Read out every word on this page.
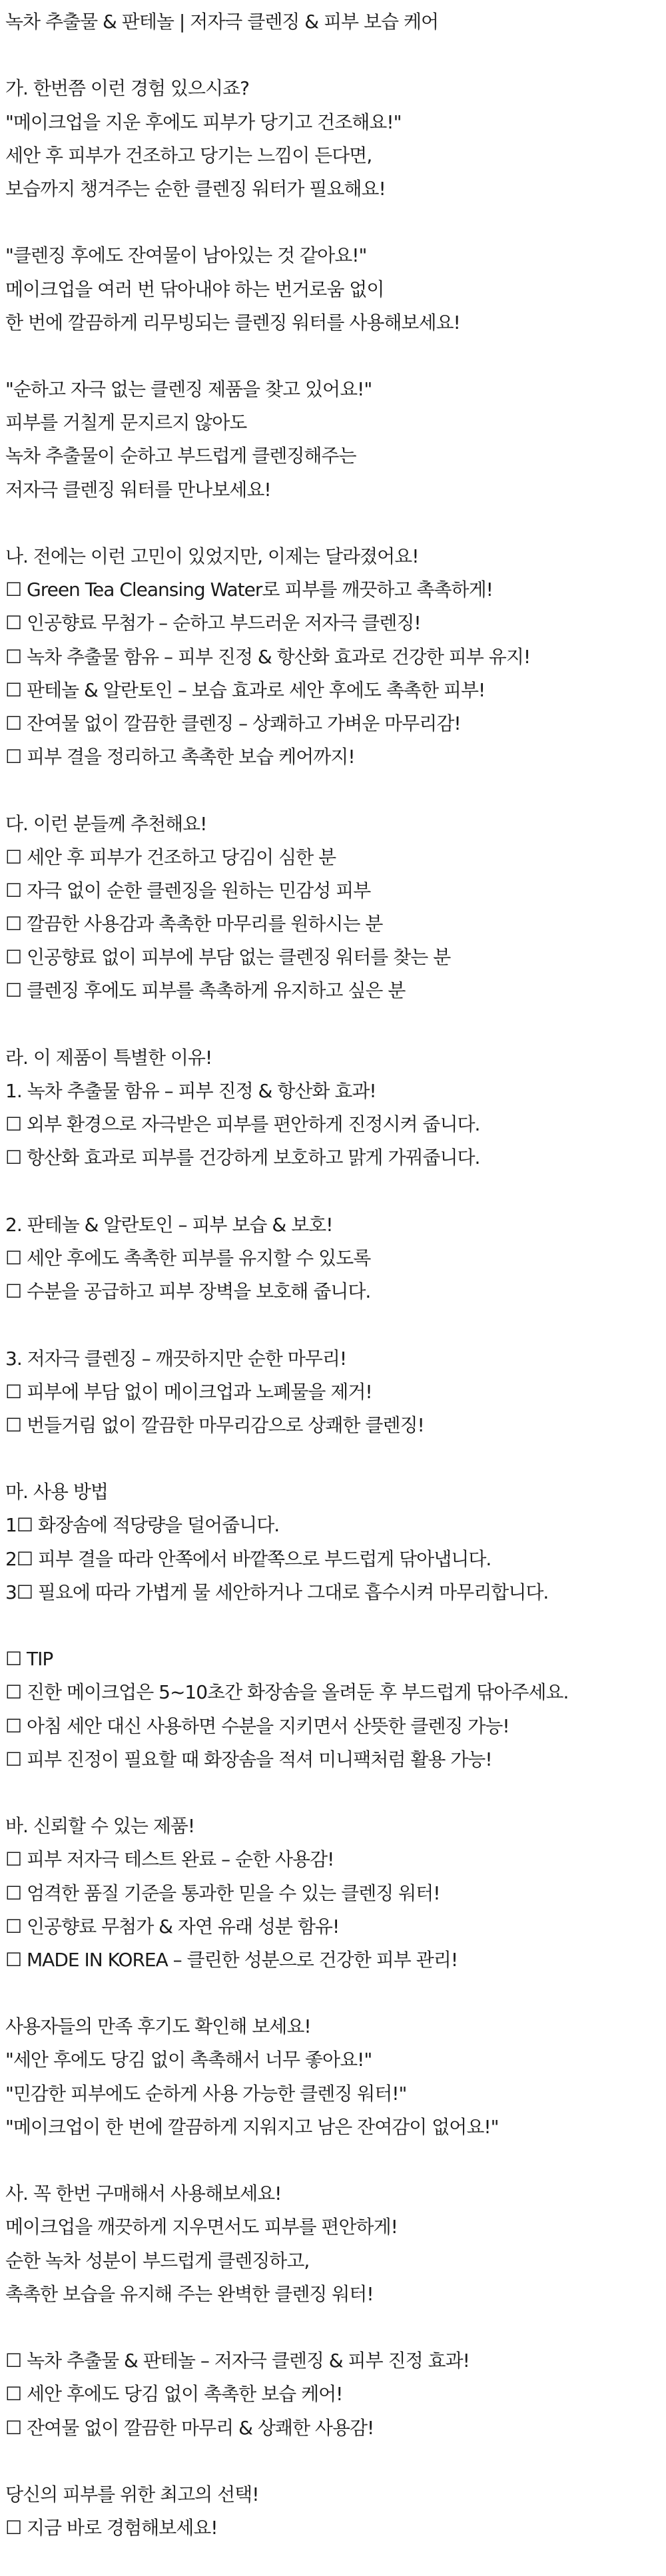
녹차 추출물 & 판테놀 | 저자극 클렌징 & 피부 보습 케어
가. 한번쯤 이런 경험 있으시죠?
"메이크업을 지운 후에도 피부가 당기고 건조해요!"
세안 후 피부가 건조하고 당기는 느낌이 든다면,
보습까지 챙겨주는 순한 클렌징 워터가 필요해요!
"클렌징 후에도 잔여물이 남아있는 것 같아요!"
메이크업을 여러 번 닦아내야 하는 번거로움 없이
한 번에 깔끔하게 리무빙되는 클렌징 워터를 사용해보세요!
"순하고 자극 없는 클렌징 제품을 찾고 있어요!"
피부를 거칠게 문지르지 않아도
녹차 추출물이 순하고 부드럽게 클렌징해주는
저자극 클렌징 워터를 만나보세요!
나. 전에는 이런 고민이 있었지만, 이제는 달라졌어요!
☐ Green Tea Cleansing Water로 피부를 깨끗하고 촉촉하게!
☐ 인공향료 무첨가 – 순하고 부드러운 저자극 클렌징!
☐ 녹차 추출물 함유 – 피부 진정 & 항산화 효과로 건강한 피부 유지!
☐ 판테놀 & 알란토인 – 보습 효과로 세안 후에도 촉촉한 피부!
☐ 잔여물 없이 깔끔한 클렌징 – 상쾌하고 가벼운 마무리감!
☐ 피부 결을 정리하고 촉촉한 보습 케어까지!
다. 이런 분들께 추천해요!
☐ 세안 후 피부가 건조하고 당김이 심한 분
☐ 자극 없이 순한 클렌징을 원하는 민감성 피부
☐ 깔끔한 사용감과 촉촉한 마무리를 원하시는 분
☐ 인공향료 없이 피부에 부담 없는 클렌징 워터를 찾는 분
☐ 클렌징 후에도 피부를 촉촉하게 유지하고 싶은 분
라. 이 제품이 특별한 이유!
1. 녹차 추출물 함유 – 피부 진정 & 항산화 효과!
☐ 외부 환경으로 자극받은 피부를 편안하게 진정시켜 줍니다.
☐ 항산화 효과로 피부를 건강하게 보호하고 맑게 가꿔줍니다.
2. 판테놀 & 알란토인 – 피부 보습 & 보호!
☐ 세안 후에도 촉촉한 피부를 유지할 수 있도록
☐ 수분을 공급하고 피부 장벽을 보호해 줍니다.
3. 저자극 클렌징 – 깨끗하지만 순한 마무리!
☐ 피부에 부담 없이 메이크업과 노폐물을 제거!
☐ 번들거림 없이 깔끔한 마무리감으로 상쾌한 클렌징!
마. 사용 방법
1☐ 화장솜에 적당량을 덜어줍니다.
2☐ 피부 결을 따라 안쪽에서 바깥쪽으로 부드럽게 닦아냅니다.
3☐ 필요에 따라 가볍게 물 세안하거나 그대로 흡수시켜 마무리합니다.
☐ TIP
☐ 진한 메이크업은 5~10초간 화장솜을 올려둔 후 부드럽게 닦아주세요.
☐ 아침 세안 대신 사용하면 수분을 지키면서 산뜻한 클렌징 가능!
☐ 피부 진정이 필요할 때 화장솜을 적셔 미니팩처럼 활용 가능!
바. 신뢰할 수 있는 제품!
☐ 피부 저자극 테스트 완료 – 순한 사용감!
☐ 엄격한 품질 기준을 통과한 믿을 수 있는 클렌징 워터!
☐ 인공향료 무첨가 & 자연 유래 성분 함유!
☐ MADE IN KOREA – 클린한 성분으로 건강한 피부 관리!
사용자들의 만족 후기도 확인해 보세요!
"세안 후에도 당김 없이 촉촉해서 너무 좋아요!"
"민감한 피부에도 순하게 사용 가능한 클렌징 워터!"
"메이크업이 한 번에 깔끔하게 지워지고 남은 잔여감이 없어요!"
사. 꼭 한번 구매해서 사용해보세요!
메이크업을 깨끗하게 지우면서도 피부를 편안하게!
순한 녹차 성분이 부드럽게 클렌징하고,
촉촉한 보습을 유지해 주는 완벽한 클렌징 워터!
☐ 녹차 추출물 & 판테놀 – 저자극 클렌징 & 피부 진정 효과!
☐ 세안 후에도 당김 없이 촉촉한 보습 케어!
☐ 잔여물 없이 깔끔한 마무리 & 상쾌한 사용감!
당신의 피부를 위한 최고의 선택!
☐ 지금 바로 경험해보세요!
